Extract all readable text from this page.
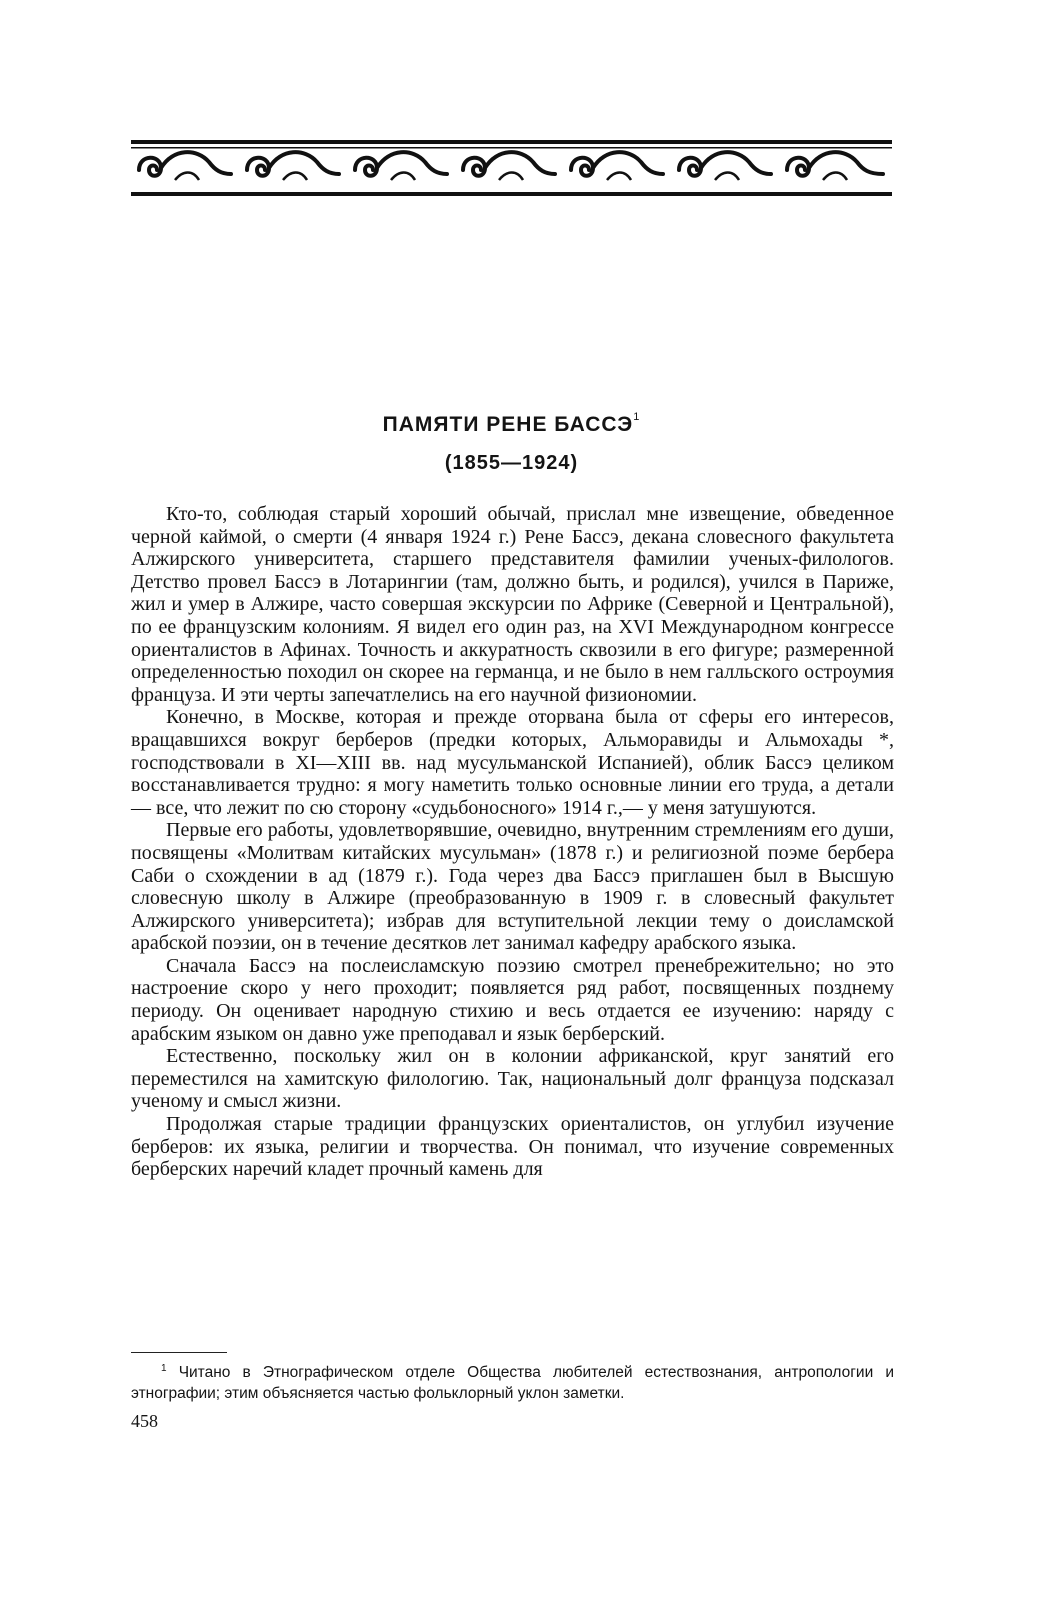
ПАМЯТИ РЕНЕ БАССЭ$^1$
(1855—1924)

Кто-то, соблюдая старый хороший обычай, прислал мне извещение, обведенное черной каймой, о смерти (4 января 1924 г.) Рене Бассэ, декана словесного факультета Алжирского университета, старшего представителя фамилии ученых-филологов. Детство провел Бассэ в Лотарингии (там, должно быть, и родился), учился в Париже, жил и умер в Алжире, часто совершая экскурсии по Африке (Северной и Центральной), по ее французским колониям. Я видел его один раз, на XVI Международном конгрессе ориенталистов в Афинах. Точность и аккуратность сквозили в его фигуре; размеренной определенностью походил он скорее на германца, и не было в нем галльского остроумия француза. И эти черты запечатлелись на его научной физиономии.

Конечно, в Москве, которая и прежде оторвана была от сферы его интересов, вращавшихся вокруг берберов (предки которых, Альморавиды и Альмохады *, господствовали в XI—XIII вв. над мусульманской Испанией), облик Бассэ целиком восстанавливается трудно: я могу наметить только основные линии его труда, а детали — все, что лежит по сю сторону «судьбоносного» 1914 г.,— у меня затушуются.

Первые его работы, удовлетворявшие, очевидно, внутренним стремлениям его души, посвящены «Молитвам китайских мусульман» (1878 г.) и религиозной поэме бербера Саби о схождении в ад (1879 г.). Года через два Бассэ приглашен был в Высшую словесную школу в Алжире (преобразованную в 1909 г. в словесный факультет Алжирского университета); избрав для вступительной лекции тему о доисламской арабской поэзии, он в течение десятков лет занимал кафедру арабского языка.

Сначала Бассэ на послеисламскую поэзию смотрел пренебрежительно; но это настроение скоро у него проходит; появляется ряд работ, посвященных позднему периоду. Он оценивает народную стихию и весь отдается ее изучению: наряду с арабским языком он давно уже преподавал и язык берберский.

Естественно, поскольку жил он в колонии африканской, круг занятий его переместился на хамитскую филологию. Так, национальный долг француза подсказал ученому и смысл жизни.

Продолжая старые традиции французских ориенталистов, он углубил изучение берберов: их языка, религии и творчества. Он понимал, что изучение современных берберских наречий кладет прочный камень для

$^1$ Читано в Этнографическом отделе Общества любителей естествознания, антропологии и этнографии; этим объясняется частью фольклорный уклон заметки.

458
